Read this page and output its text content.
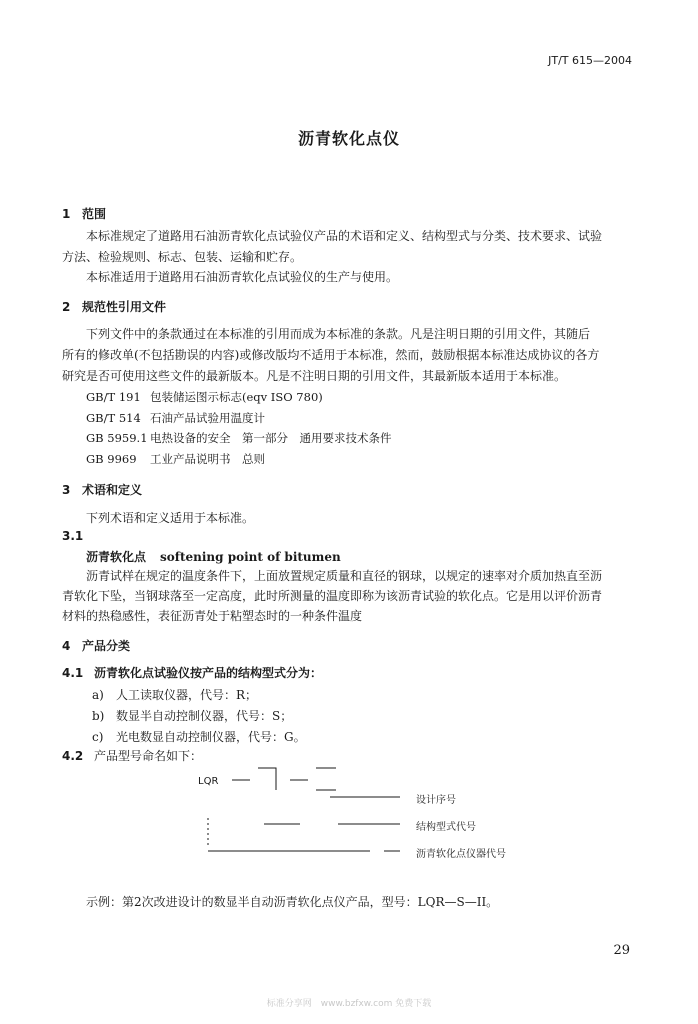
JT/T 615—2004
沥青软化点仪
1 范围
本标准规定了道路用石油沥青软化点试验仪产品的术语和定义、结构型式与分类、技术要求、试验
方法、检验规则、标志、包装、运输和贮存。
本标准适用于道路用石油沥青软化点试验仪的生产与使用。
2 规范性引用文件
下列文件中的条款通过在本标准的引用而成为本标准的条款。凡是注明日期的引用文件，其随后
所有的修改单(不包括勘误的内容)或修改版均不适用于本标准，然而，鼓励根据本标准达成协议的各方
研究是否可使用这些文件的最新版本。凡是不注明日期的引用文件，其最新版本适用于本标准。
GB/T 191 包装储运图示标志(eqv ISO 780)
GB/T 514 石油产品试验用温度计
GB 5959.1 电热设备的安全　第一部分　通用要求技术条件
GB 9969 工业产品说明书　总则
3 术语和定义
下列术语和定义适用于本标准。
3.1
沥青软化点 softening point of bitumen
沥青试样在规定的温度条件下，上面放置规定质量和直径的钢球，以规定的速率对介质加热直至沥
青软化下坠，当钢球落至一定高度，此时所测量的温度即称为该沥青试验的软化点。它是用以评价沥青
材料的热稳感性，表征沥青处于粘塑态时的一种条件温度
4 产品分类
4.1 沥青软化点试验仪按产品的结构型式分为：
a) 人工读取仪器，代号：R；
b) 数显半自动控制仪器，代号：S；
c) 光电数显自动控制仪器，代号：G。
4.2 产品型号命名如下：
LQR
设计序号
结构型式代号
沥青软化点仪器代号
示例：第2次改进设计的数显半自动沥青软化点仪产品，型号：LQR—S—II。
29
标准分享网　www.bzfxw.com 免费下载
